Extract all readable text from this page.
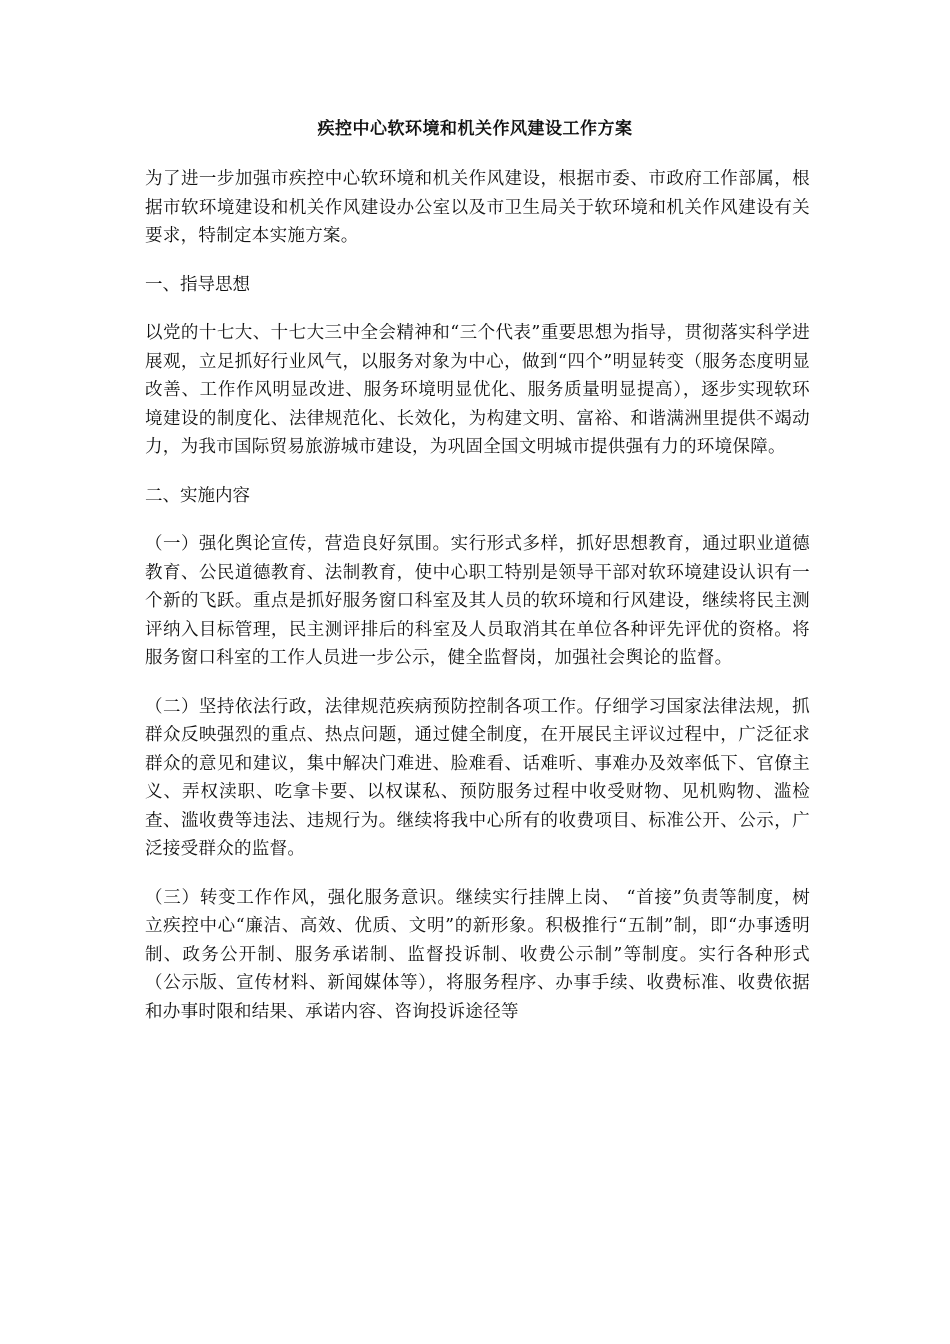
疾控中心软环境和机关作风建设工作方案

为了进一步加强市疾控中心软环境和机关作风建设，根据市委、市政府工作部属，根据市软环境建设和机关作风建设办公室以及市卫生局关于软环境和机关作风建设有关要求，特制定本实施方案。

一、指导思想

以党的十七大、十七大三中全会精神和“三个代表”重要思想为指导，贯彻落实科学进展观，立足抓好行业风气，以服务对象为中心，做到“四个”明显转变（服务态度明显改善、工作作风明显改进、服务环境明显优化、服务质量明显提高），逐步实现软环境建设的制度化、法律规范化、长效化，为构建文明、富裕、和谐满洲里提供不竭动力，为我市国际贸易旅游城市建设，为巩固全国文明城市提供强有力的环境保障。

二、实施内容

（一）强化舆论宣传，营造良好氛围。实行形式多样，抓好思想教育，通过职业道德教育、公民道德教育、法制教育，使中心职工特别是领导干部对软环境建设认识有一个新的飞跃。重点是抓好服务窗口科室及其人员的软环境和行风建设，继续将民主测评纳入目标管理，民主测评排后的科室及人员取消其在单位各种评先评优的资格。将服务窗口科室的工作人员进一步公示，健全监督岗，加强社会舆论的监督。

（二）坚持依法行政，法律规范疾病预防控制各项工作。仔细学习国家法律法规，抓群众反映强烈的重点、热点问题，通过健全制度，在开展民主评议过程中，广泛征求群众的意见和建议，集中解决门难进、脸难看、话难听、事难办及效率低下、官僚主义、弄权渎职、吃拿卡要、以权谋私、预防服务过程中收受财物、见机购物、滥检查、滥收费等违法、违规行为。继续将我中心所有的收费项目、标准公开、公示，广泛接受群众的监督。

（三）转变工作作风，强化服务意识。继续实行挂牌上岗、 “首接”负责等制度，树立疾控中心“廉洁、高效、优质、文明”的新形象。积极推行“五制”制，即“办事透明制、政务公开制、服务承诺制、监督投诉制、收费公示制”等制度。实行各种形式（公示版、宣传材料、新闻媒体等），将服务程序、办事手续、收费标准、收费依据和办事时限和结果、承诺内容、咨询投诉途径等
